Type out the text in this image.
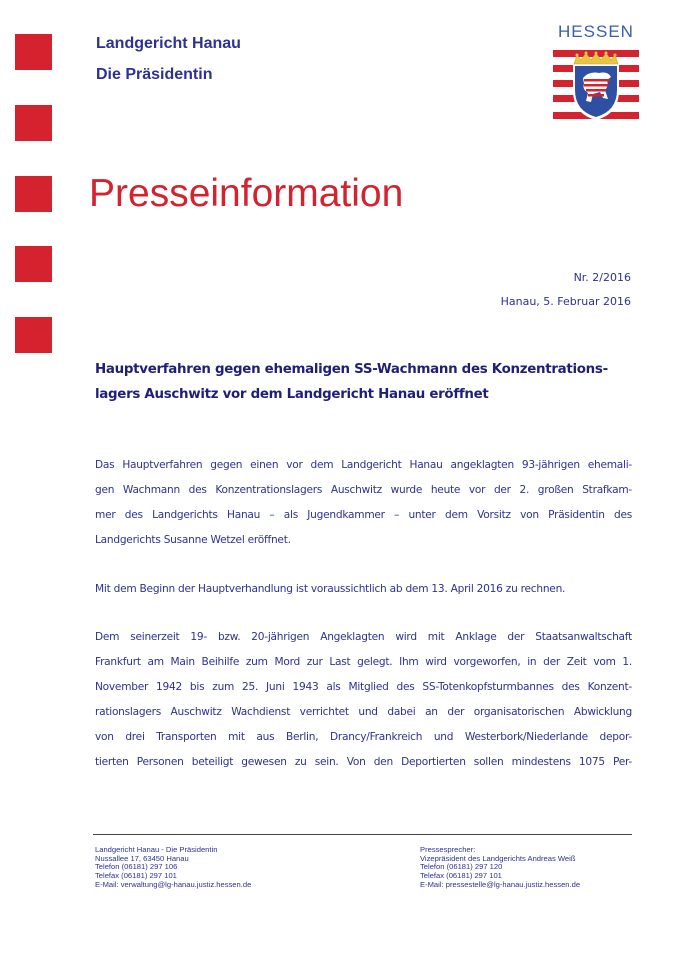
Landgericht Hanau
Die Präsidentin
HESSEN
Presseinformation
Nr. 2/2016
Hanau, 5. Februar 2016
Hauptverfahren gegen ehemaligen SS-Wachmann des Konzentrations-
lagers Auschwitz vor dem Landgericht Hanau eröffnet
Das Hauptverfahren gegen einen vor dem Landgericht Hanau angeklagten 93-jährigen ehemali-
gen Wachmann des Konzentrationslagers Auschwitz wurde heute vor der 2. großen Strafkam-
mer des Landgerichts Hanau – als Jugendkammer – unter dem Vorsitz von Präsidentin des
Landgerichts Susanne Wetzel eröffnet.
Mit dem Beginn der Hauptverhandlung ist voraussichtlich ab dem 13. April 2016 zu rechnen.
Dem seinerzeit 19- bzw. 20-jährigen Angeklagten wird mit Anklage der Staatsanwaltschaft
Frankfurt am Main Beihilfe zum Mord zur Last gelegt. Ihm wird vorgeworfen, in der Zeit vom 1.
November 1942 bis zum 25. Juni 1943 als Mitglied des SS-Totenkopfsturmbannes des Konzent-
rationslagers Auschwitz Wachdienst verrichtet und dabei an der organisatorischen Abwicklung
von drei Transporten mit aus Berlin, Drancy/Frankreich und Westerbork/Niederlande depor-
tierten Personen beteiligt gewesen zu sein. Von den Deportierten sollen mindestens 1075 Per-
Landgericht Hanau - Die Präsidentin
Nussallee 17, 63450 Hanau
Telefon (06181) 297 106
Telefax (06181) 297 101
E-Mail: verwaltung@lg-hanau.justiz.hessen.de
Pressesprecher:
Vizepräsident des Landgerichts Andreas Weiß
Telefon (06181) 297 120
Telefax (06181) 297 101
E-Mail: pressestelle@lg-hanau.justiz.hessen.de
